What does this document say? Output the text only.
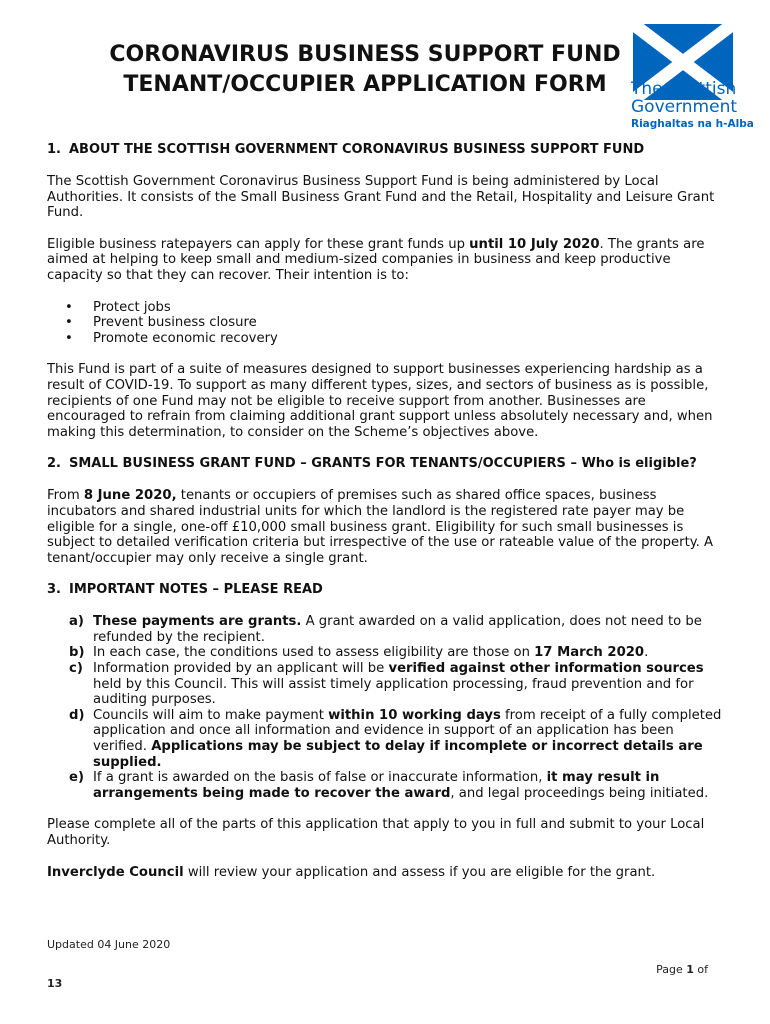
CORONAVIRUS BUSINESS SUPPORT FUND
TENANT/OCCUPIER APPLICATION FORM	The Scottish
Government
Riaghaltas na h-Alba
1. ABOUT THE SCOTTISH GOVERNMENT CORONAVIRUS BUSINESS SUPPORT FUND

The Scottish Government Coronavirus Business Support Fund is being administered by Local Authorities. It consists of the Small Business Grant Fund and the Retail, Hospitality and Leisure Grant Fund.

Eligible business ratepayers can apply for these grant funds up until 10 July 2020. The grants are aimed at helping to keep small and medium-sized companies in business and keep productive capacity so that they can recover. Their intention is to:

•	Protect jobs
•	Prevent business closure
•	Promote economic recovery

This Fund is part of a suite of measures designed to support businesses experiencing hardship as a result of COVID-19. To support as many different types, sizes, and sectors of business as is possible, recipients of one Fund may not be eligible to receive support from another. Businesses are encouraged to refrain from claiming additional grant support unless absolutely necessary and, when making this determination, to consider on the Scheme’s objectives above.

2. SMALL BUSINESS GRANT FUND – GRANTS FOR TENANTS/OCCUPIERS – Who is eligible?

From 8 June 2020, tenants or occupiers of premises such as shared office spaces, business incubators and shared industrial units for which the landlord is the registered rate payer may be eligible for a single, one-off £10,000 small business grant. Eligibility for such small businesses is subject to detailed verification criteria but irrespective of the use or rateable value of the property. A tenant/occupier may only receive a single grant.

3. IMPORTANT NOTES – PLEASE READ
a) These payments are grants. A grant awarded on a valid application, does not need to be refunded by the recipient.
b) In each case, the conditions used to assess eligibility are those on 17 March 2020.
c) Information provided by an applicant will be verified against other information sources held by this Council. This will assist timely application processing, fraud prevention and for auditing purposes.
d) Councils will aim to make payment within 10 working days from receipt of a fully completed application and once all information and evidence in support of an application has been verified. Applications may be subject to delay if incomplete or incorrect details are supplied.
e) If a grant is awarded on the basis of false or inaccurate information, it may result in arrangements being made to recover the award, and legal proceedings being initiated.

Please complete all of the parts of this application that apply to you in full and submit to your Local Authority.

Inverclyde Council will review your application and assess if you are eligible for the grant.

Updated 04 June 2020
Page 1 of
13
